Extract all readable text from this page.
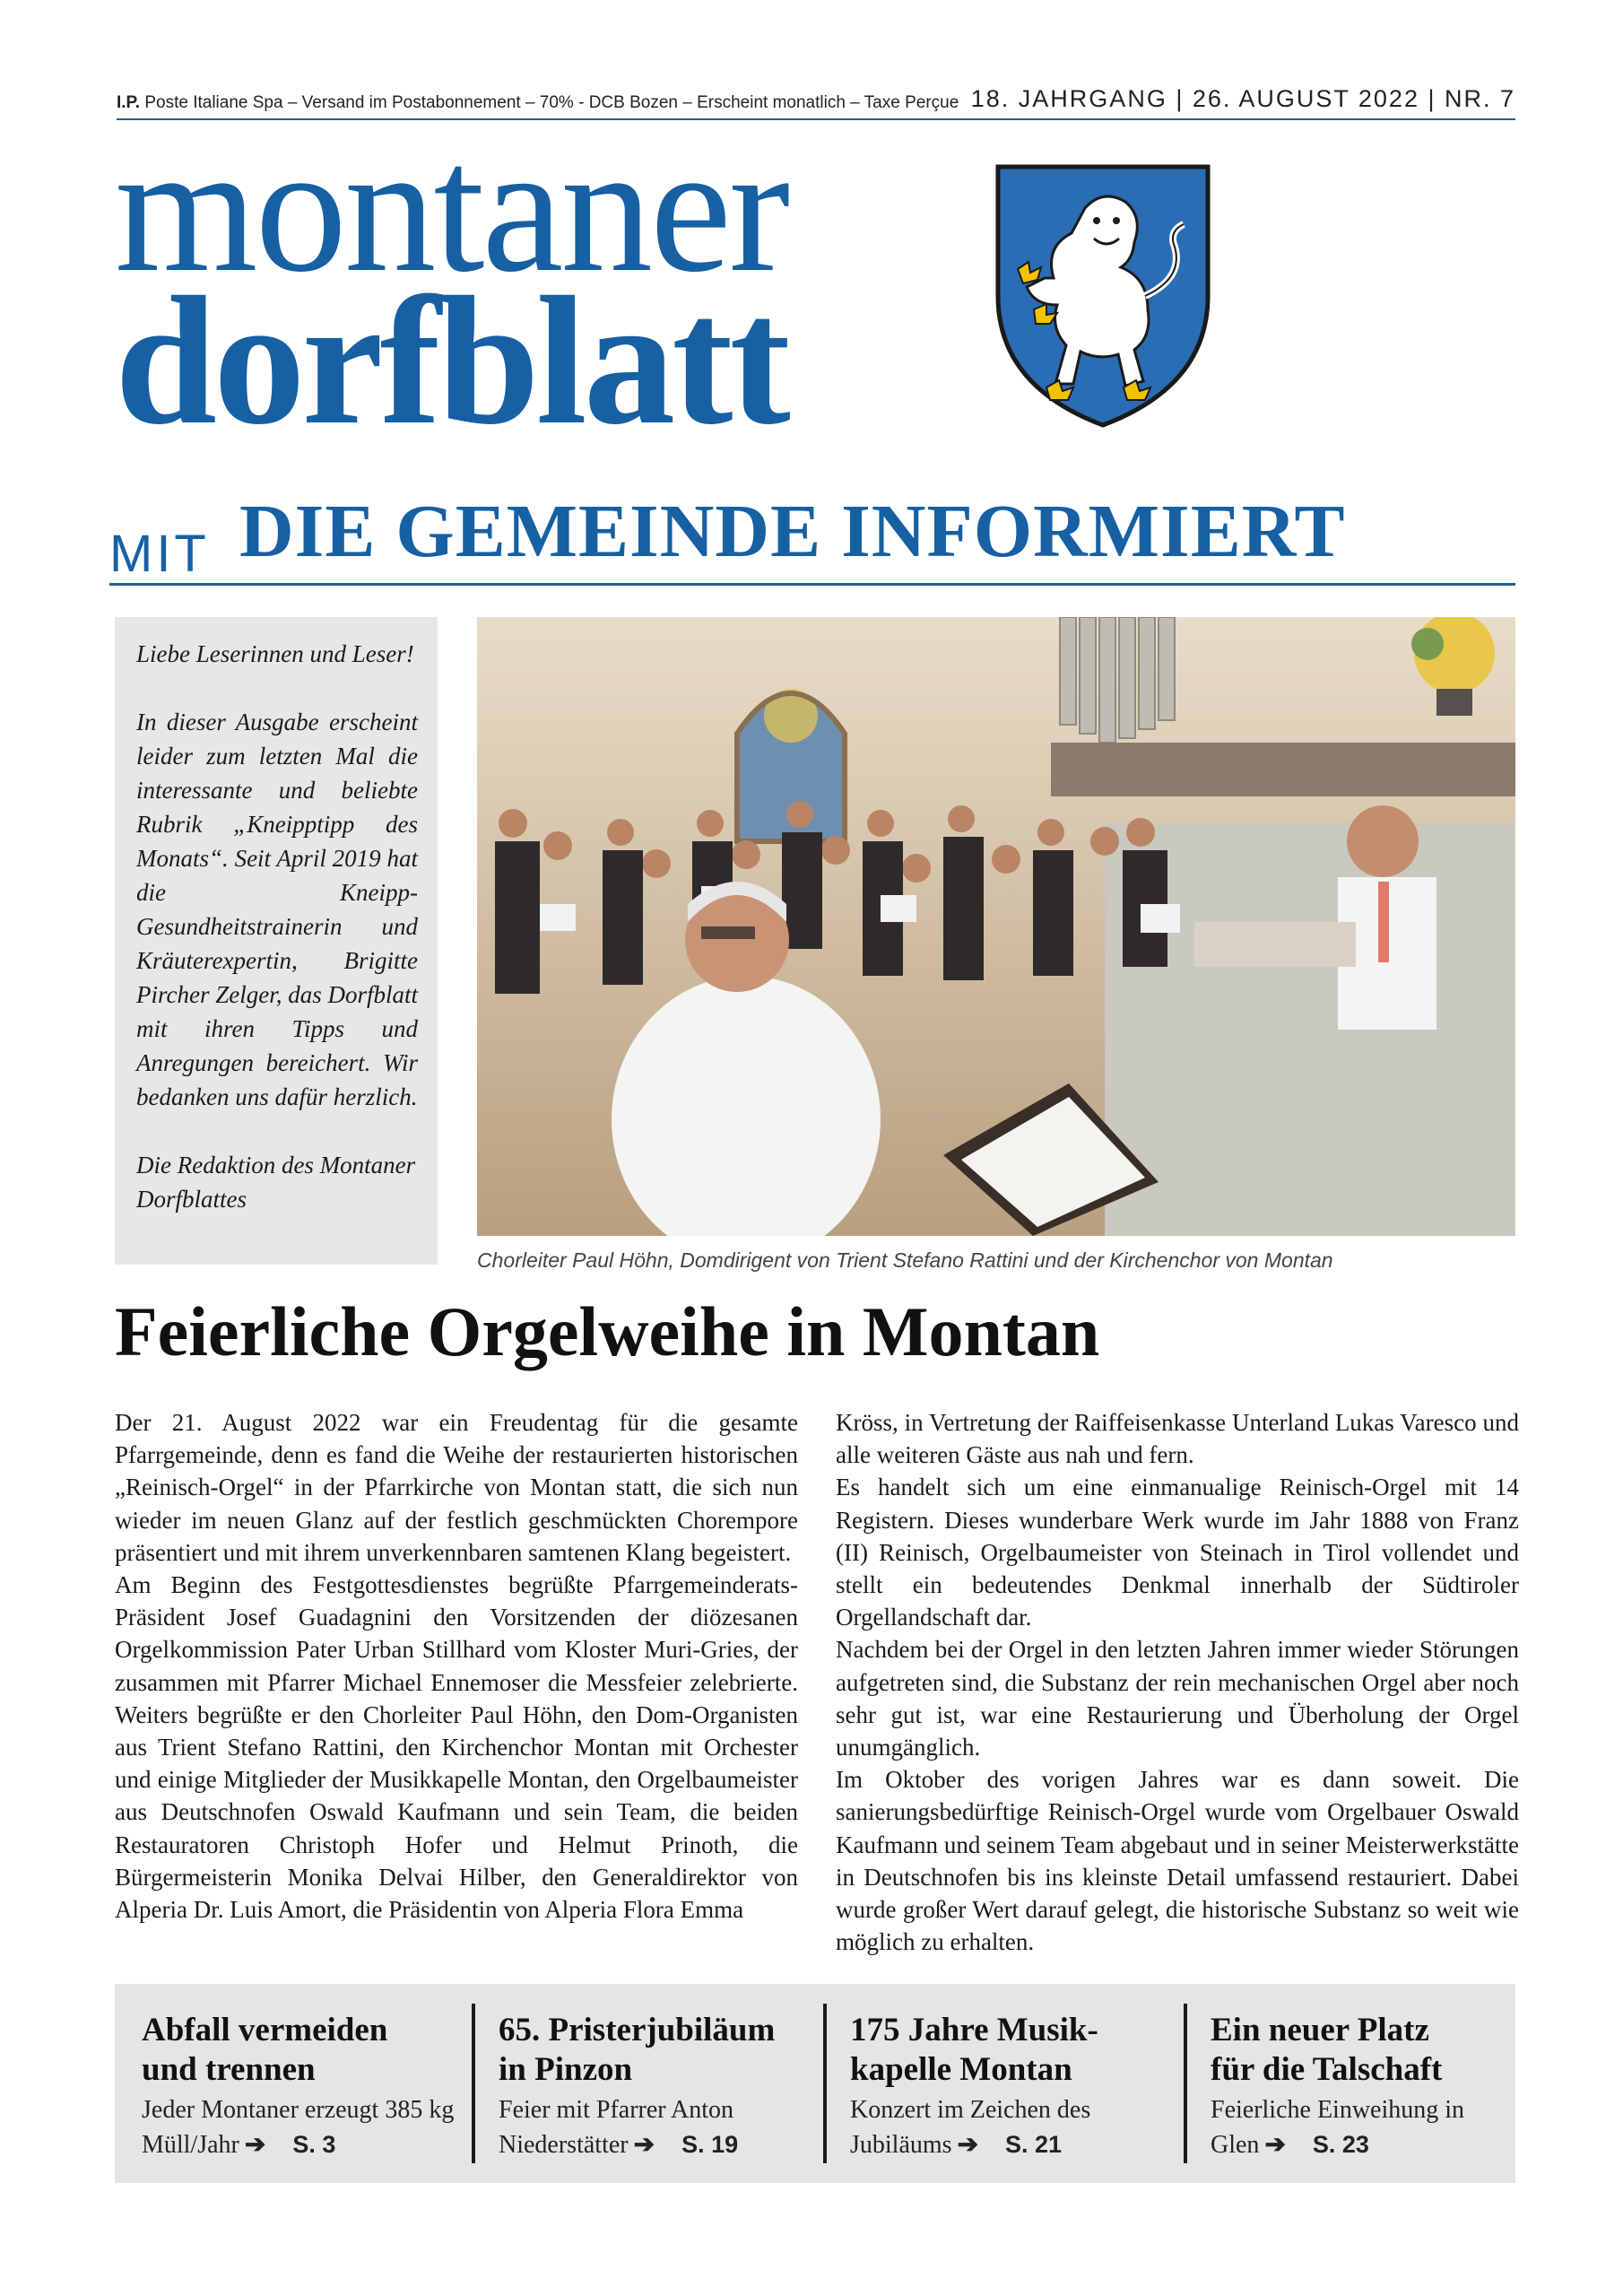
I.P. Poste Italiane Spa – Versand im Postabonnement – 70% - DCB Bozen – Erscheint monatlich – Taxe Perçue 18. JAHRGANG | 26. AUGUST 2022 | NR. 7
montaner
dorfblatt
MIT DIE GEMEINDE INFORMIERT

Liebe Leserinnen und Leser!

In dieser Ausgabe erscheint leider zum letzten Mal die interessante und beliebte Rubrik „Kneipptipp des Monats“. Seit April 2019 hat die Kneipp-Gesundheitstrainerin und Kräuterexpertin, Brigitte Pircher Zelger, das Dorfblatt mit ihren Tipps und Anregungen bereichert. Wir bedanken uns dafür herzlich.

Die Redaktion des Montaner Dorfblattes

Chorleiter Paul Höhn, Domdirigent von Trient Stefano Rattini und der Kirchenchor von Montan
Feierliche Orgelweihe in Montan

Der 21. August 2022 war ein Freudentag für die gesamte Pfarrgemeinde, denn es fand die Weihe der restaurierten historischen „Reinisch-Orgel“ in der Pfarrkirche von Montan statt, die sich nun wieder im neuen Glanz auf der festlich geschmückten Chorempore präsentiert und mit ihrem unverkennbaren samtenen Klang begeistert.

Am Beginn des Festgottesdienstes begrüßte Pfarrgemeinderats-Präsident Josef Guadagnini den Vorsitzenden der diözesanen Orgelkommission Pater Urban Stillhard vom Kloster Muri-Gries, der zusammen mit Pfarrer Michael Ennemoser die Messfeier zelebrierte. Weiters begrüßte er den Chorleiter Paul Höhn, den Dom-Organisten aus Trient Stefano Rattini, den Kirchenchor Montan mit Orchester und einige Mitglieder der Musikkapelle Montan, den Orgelbaumeister aus Deutschnofen Oswald Kaufmann und sein Team, die beiden Restauratoren Christoph Hofer und Helmut Prinoth, die Bürgermeisterin Monika Delvai Hilber, den Generaldirektor von Alperia Dr. Luis Amort, die Präsidentin von Alperia Flora Emma

Kröss, in Vertretung der Raiffeisenkasse Unterland Lukas Varesco und alle weiteren Gäste aus nah und fern.

Es handelt sich um eine einmanualige Reinisch-Orgel mit 14 Registern. Dieses wunderbare Werk wurde im Jahr 1888 von Franz (II) Reinisch, Orgelbaumeister von Steinach in Tirol vollendet und stellt ein bedeutendes Denkmal innerhalb der Südtiroler Orgellandschaft dar.

Nachdem bei der Orgel in den letzten Jahren immer wieder Störungen aufgetreten sind, die Substanz der rein mechanischen Orgel aber noch sehr gut ist, war eine Restaurierung und Überholung der Orgel unumgänglich.

Im Oktober des vorigen Jahres war es dann soweit. Die sanierungsbedürftige Reinisch-Orgel wurde vom Orgelbauer Oswald Kaufmann und seinem Team abgebaut und in seiner Meisterwerkstätte in Deutschnofen bis ins kleinste Detail umfassend restauriert. Dabei wurde großer Wert darauf gelegt, die historische Substanz so weit wie möglich zu erhalten.

Abfall vermeiden und trennen
Jeder Montaner erzeugt 385 kg Müll/Jahr ➔ S. 3
65. Pristerjubiläum in Pinzon
Feier mit Pfarrer Anton Niederstätter ➔ S. 19
175 Jahre Musik-
kapelle Montan
Konzert im Zeichen des Jubiläums ➔ S. 21
Ein neuer Platz für die Talschaft
Feierliche Einweihung in Glen ➔ S. 23
